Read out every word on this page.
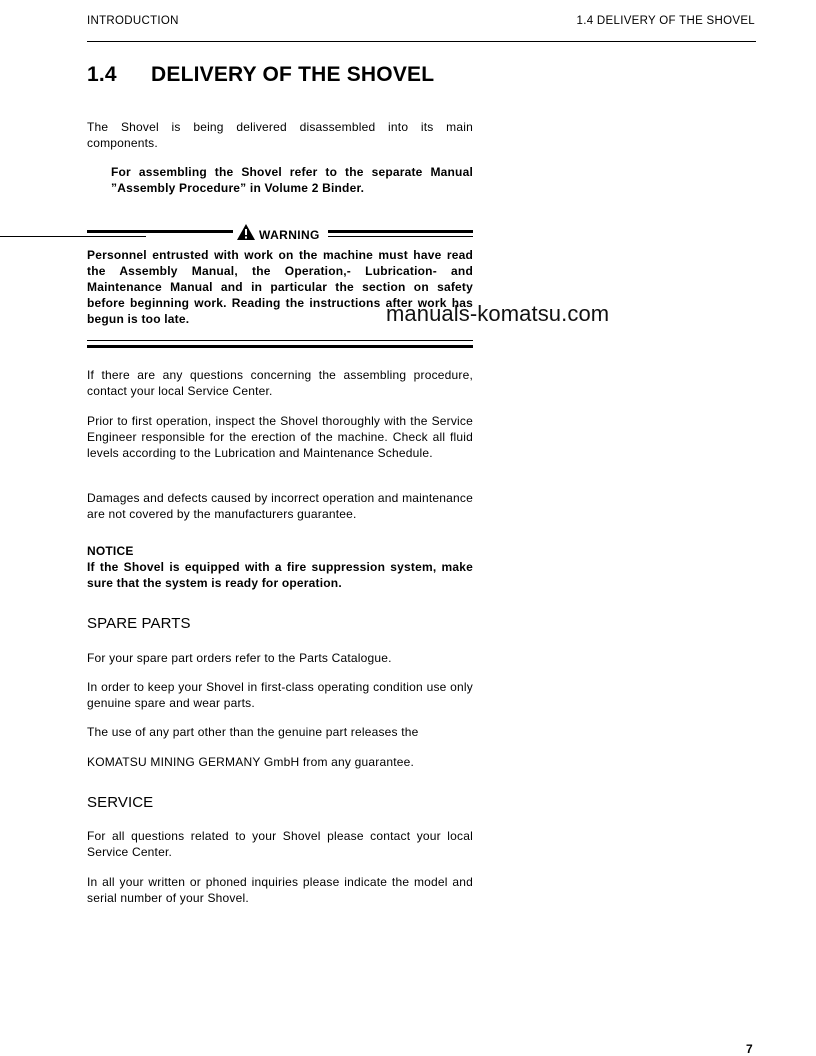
INTRODUCTION	1.4 DELIVERY OF THE SHOVEL
1.4 DELIVERY OF THE SHOVEL
The Shovel is being delivered disassembled into its main components.
For assembling the Shovel refer to the separate Manual ”Assembly Procedure” in Volume 2 Binder.
WARNING
Personnel entrusted with work on the machine must have read the Assembly Manual, the Operation,- Lubrication- and Maintenance Manual and in particular the section on safety before beginning work. Reading the instructions after work has begun is too late.
If there are any questions concerning the assembling procedure, contact your local Service Center.
Prior to first operation, inspect the Shovel thoroughly with the Service Engineer responsible for the erection of the machine. Check all fluid levels according to the Lubrication and Maintenance Schedule.
Damages and defects caused by incorrect operation and maintenance are not covered by the manufacturers guarantee.
NOTICE
If the Shovel is equipped with a fire suppression system, make sure that the system is ready for operation.
SPARE PARTS
For your spare part orders refer to the Parts Catalogue.
In order to keep your Shovel in first-class operating condition use only genuine spare and wear parts.
The use of any part other than the genuine part releases the
KOMATSU MINING GERMANY GmbH from any guarantee.
SERVICE
For all questions related to your Shovel please contact your local Service Center.
In all your written or phoned inquiries please indicate the model and serial number of your Shovel.
manuals-komatsu.com
7
